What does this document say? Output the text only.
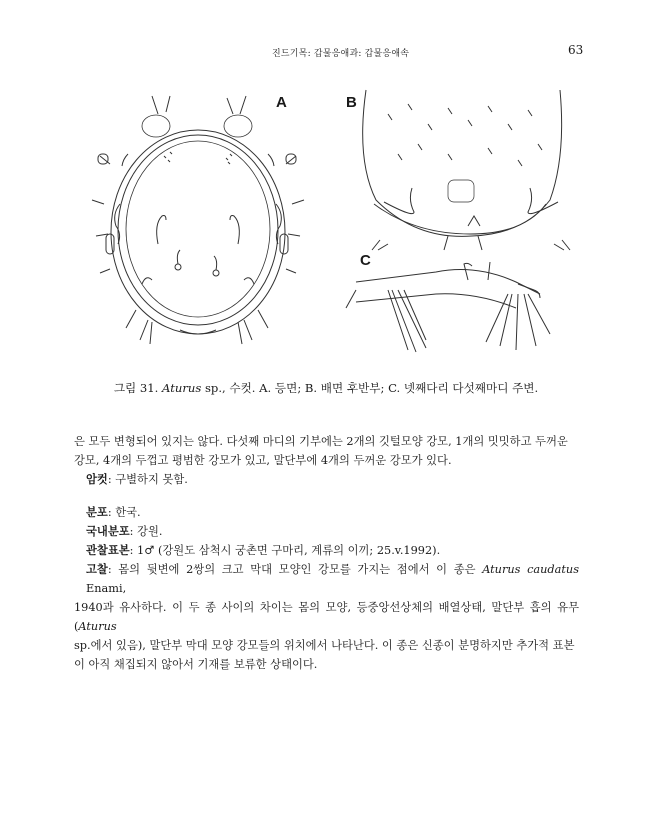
진드기목: 갑물응애과: 갑물응애속	63
A	B
C
그림 31. Aturus sp., 수컷. A. 등면; B. 배면 후반부; C. 넷째다리 다섯째마디 주변.

은 모두 변형되어 있지는 않다. 다섯째 마디의 기부에는 2개의 깃털모양 강모, 1개의 밋밋하고 두꺼운

강모, 4개의 두껍고 평범한 강모가 있고, 말단부에 4개의 두꺼운 강모가 있다.

암컷: 구별하지 못함.

분포: 한국.

국내분포: 강원.

관찰표본: 1♂ (강원도 삼척시 궁촌면 구마리, 계류의 이끼; 25.v.1992).

고찰: 몸의 뒷변에 2쌍의 크고 막대 모양인 강모를 가지는 점에서 이 종은 Aturus caudatus Enami,

1940과 유사하다. 이 두 종 사이의 차이는 몸의 모양, 등중앙선상체의 배열상태, 말단부 흡의 유무(Aturus

sp.에서 있음), 말단부 막대 모양 강모들의 위치에서 나타난다. 이 종은 신종이 분명하지만 추가적 표본

이 아직 채집되지 않아서 기재를 보류한 상태이다.
